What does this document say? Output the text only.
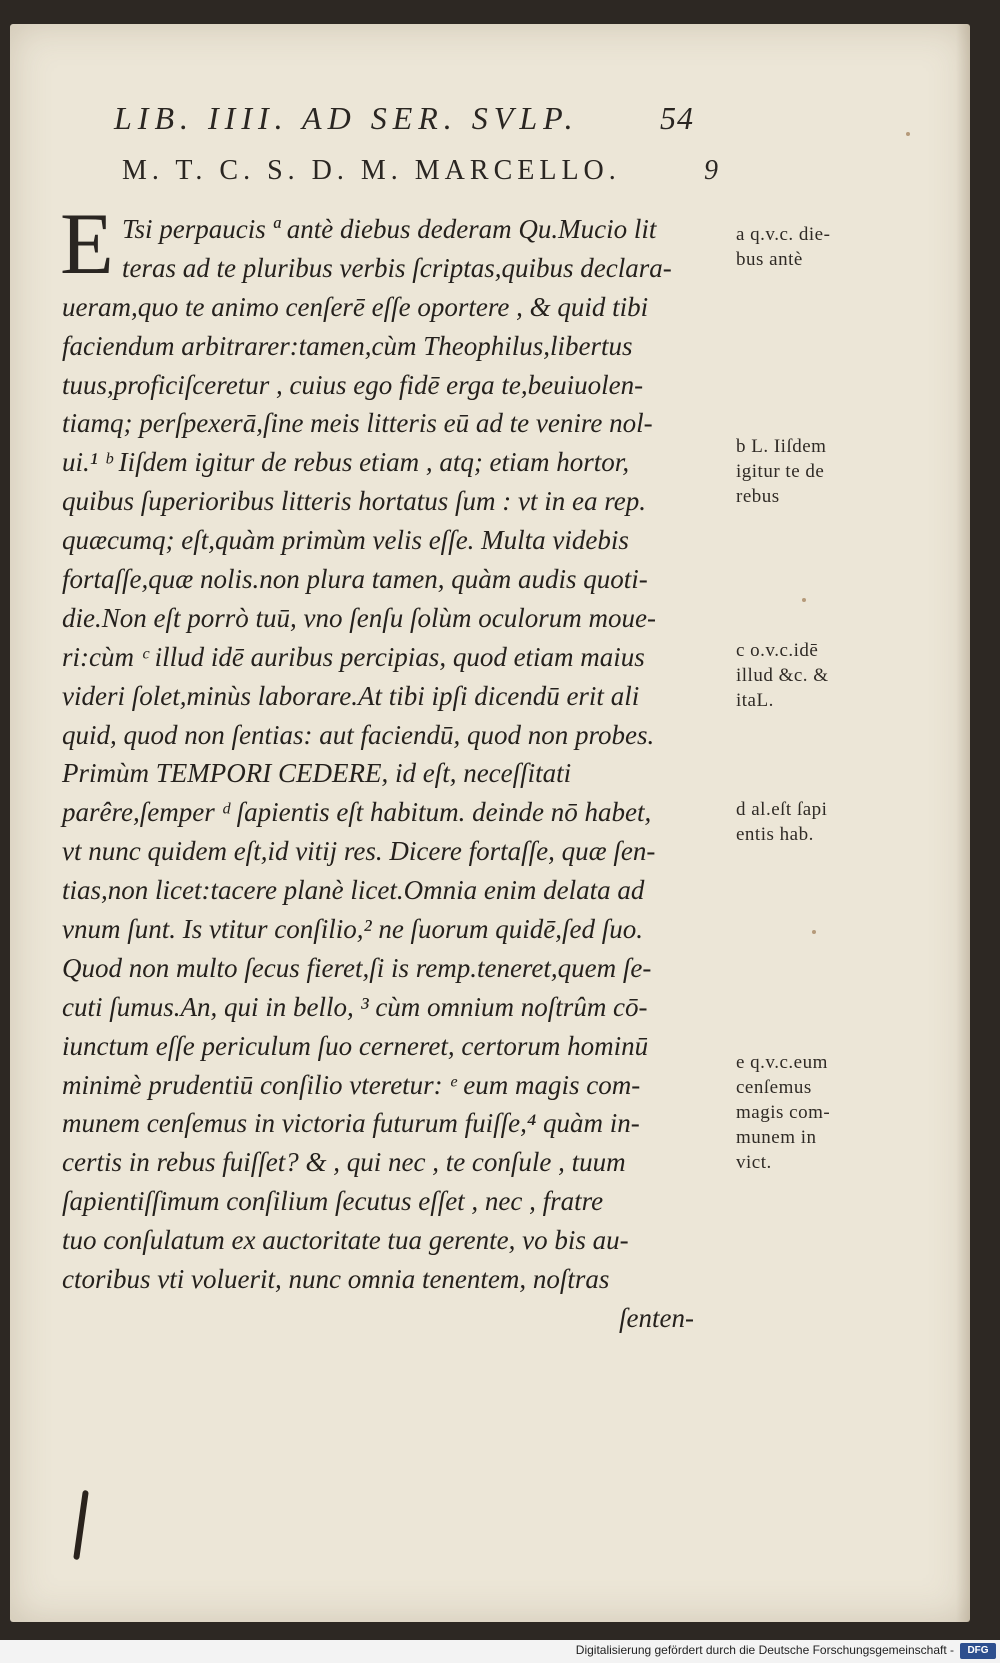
LIB. IIII. AD SER. SVLP.	54
M. T. C. S. D. M. MARCELLO.	9
E Tsi perpaucis ª antè diebus dederam Qu.Mucio lit
teras ad te pluribus verbis ſcriptas,quibus declara-
ueram,quo te animo cenſerē eſſe oportere , & quid tibi
faciendum arbitrarer:tamen,cùm Theophilus,libertus
tuus,proficiſceretur , cuius ego fidē erga te,beuiuolen-
tiamq; perſpexerā,ſine meis litteris eū ad te venire nol-
ui.¹ ᵇ Iiſdem igitur de rebus etiam , atq; etiam hortor,
quibus ſuperioribus litteris hortatus ſum : vt in ea rep.
quæcumq; eſt,quàm primùm velis eſſe. Multa videbis
fortaſſe,quæ nolis.non plura tamen, quàm audis quoti-
die.Non eſt porrò tuū, vno ſenſu ſolùm oculorum moue-
ri:cùm ᶜ illud idē auribus percipias, quod etiam maius
videri ſolet,minùs laborare.At tibi ipſi dicendū erit ali
quid, quod non ſentias: aut faciendū, quod non probes.
Primùm TEMPORI CEDERE, id eſt, neceſſitati
parêre,ſemper ᵈ ſapientis eſt habitum. deinde nō habet,
vt nunc quidem eſt,id vitij res. Dicere fortaſſe, quæ ſen-
tias,non licet:tacere planè licet.Omnia enim delata ad
vnum ſunt. Is vtitur conſilio,² ne ſuorum quidē,ſed ſuo.
Quod non multo ſecus fieret,ſi is remp.teneret,quem ſe-
cuti ſumus.An, qui in bello, ³ cùm omnium noſtrûm cō-
iunctum eſſe periculum ſuo cerneret, certorum hominū
minimè prudentiū conſilio vteretur: ᵉ eum magis com-
munem cenſemus in victoria futurum fuiſſe,⁴ quàm in-
certis in rebus fuiſſet? & , qui nec , te conſule , tuum
ſapientiſſimum conſilium ſecutus eſſet , nec , fratre
tuo conſulatum ex auctoritate tua gerente, vo bis au-
ctoribus vti voluerit, nunc omnia tenentem, noſtras
ſenten-
a q.v.c. die-
bus antè
b L. Iiſdem
igitur te de
rebus
c o.v.c.idē
illud &c. &
itaL.
d al.eſt ſapi
entis hab.
e q.v.c.eum
cenſemus
magis com-
munem in
vict.
Digitalisierung gefördert durch die Deutsche Forschungsgemeinschaft -	DFG
